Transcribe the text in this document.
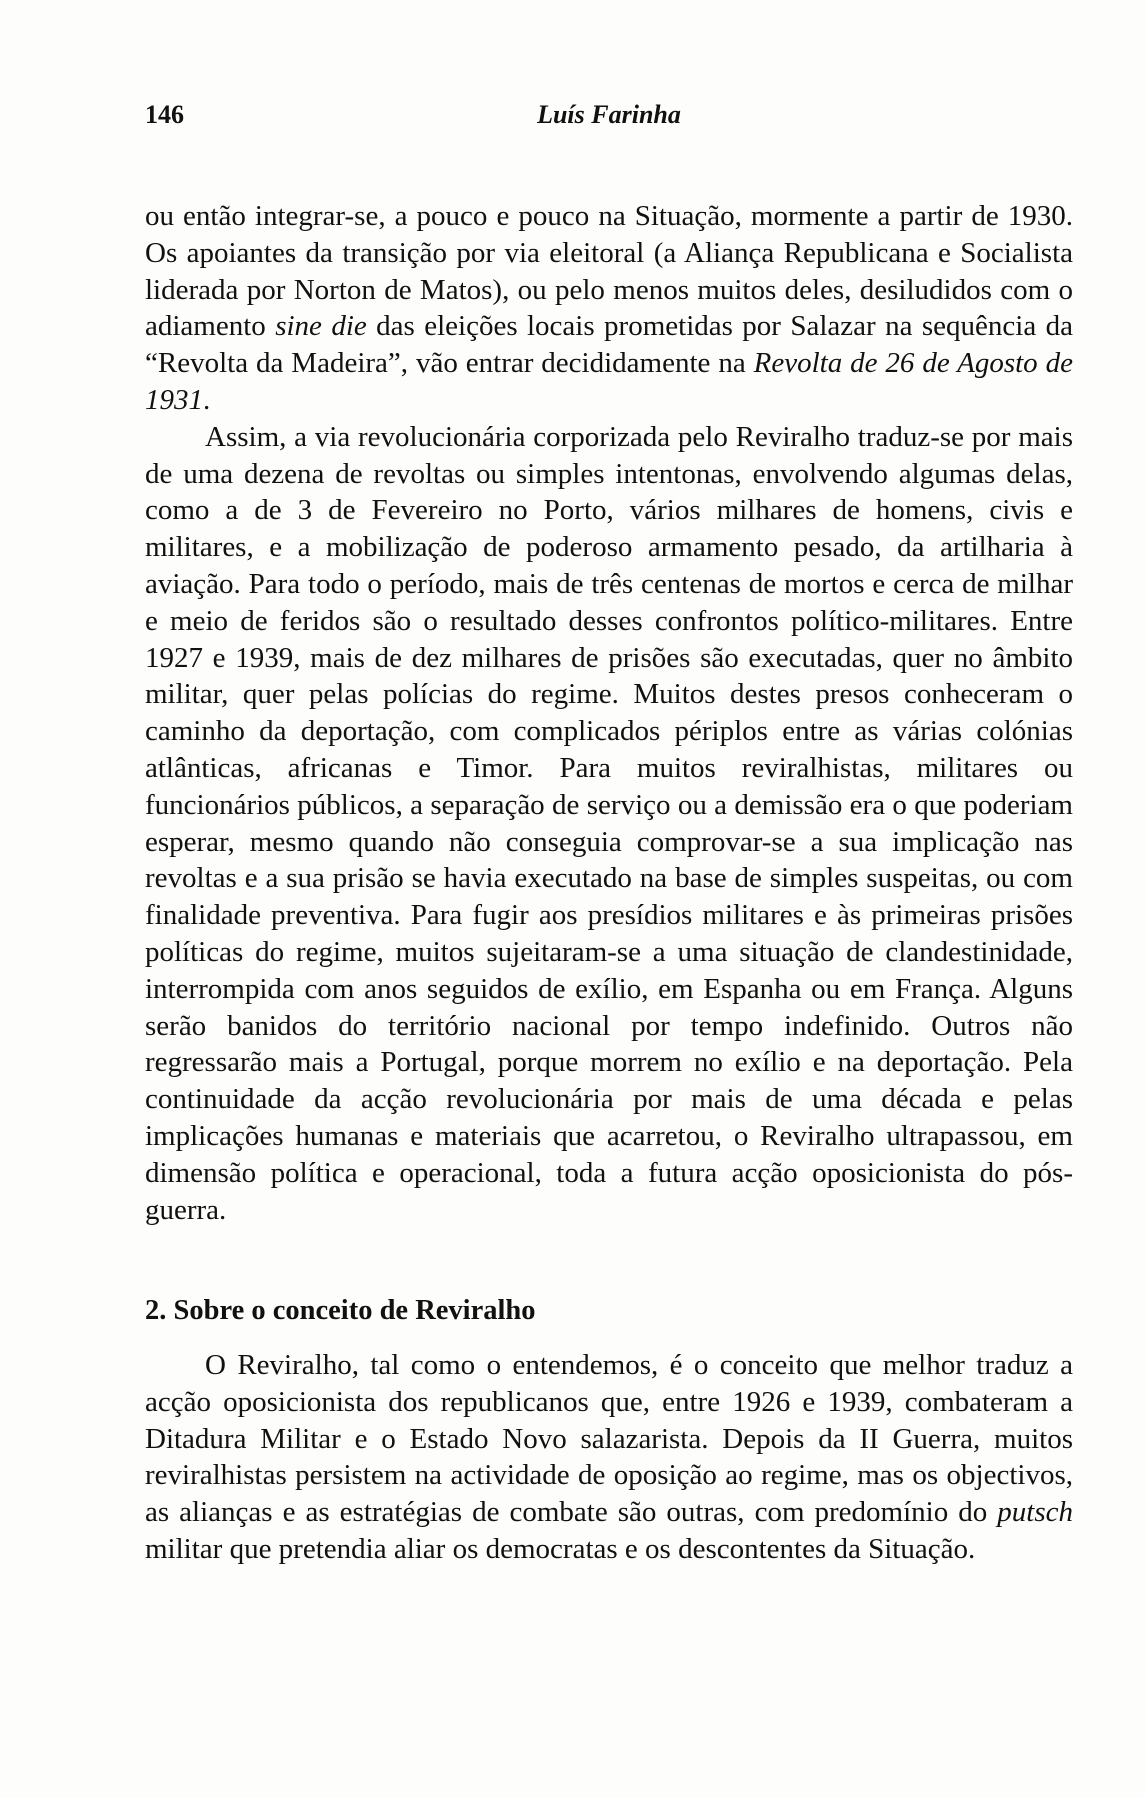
146	Luís Farinha

ou então integrar-se, a pouco e pouco na Situação, mormente a partir de 1930. Os apoiantes da transição por via eleitoral (a Aliança Republicana e Socialista liderada por Norton de Matos), ou pelo menos muitos deles, desiludidos com o adiamento sine die das eleições locais prometidas por Salazar na sequência da “Revolta da Madeira”, vão entrar decididamente na Revolta de 26 de Agosto de 1931.

Assim, a via revolucionária corporizada pelo Reviralho traduz-se por mais de uma dezena de revoltas ou simples intentonas, envolvendo algumas delas, como a de 3 de Fevereiro no Porto, vários milhares de homens, civis e militares, e a mobilização de poderoso armamento pesado, da artilharia à aviação. Para todo o período, mais de três centenas de mortos e cerca de milhar e meio de feridos são o resultado desses confrontos político-militares. Entre 1927 e 1939, mais de dez milhares de prisões são executadas, quer no âmbito militar, quer pelas polícias do regime. Muitos destes presos conheceram o caminho da deportação, com complicados périplos entre as várias colónias atlânticas, africanas e Timor. Para muitos reviralhistas, militares ou funcionários públicos, a separação de serviço ou a demissão era o que poderiam esperar, mesmo quando não conseguia comprovar-se a sua implicação nas revoltas e a sua prisão se havia executado na base de simples suspeitas, ou com finalidade preventiva. Para fugir aos presídios militares e às primeiras prisões políticas do regime, muitos sujeitaram-se a uma situação de clandestinidade, interrompida com anos seguidos de exílio, em Espanha ou em França. Alguns serão banidos do território nacional por tempo indefinido. Outros não regressarão mais a Portugal, porque morrem no exílio e na deportação. Pela continuidade da acção revolucionária por mais de uma década e pelas implicações humanas e materiais que acarretou, o Reviralho ultrapassou, em dimensão política e operacional, toda a futura acção oposicionista do pós-guerra.

2. Sobre o conceito de Reviralho

O Reviralho, tal como o entendemos, é o conceito que melhor traduz a acção oposicionista dos republicanos que, entre 1926 e 1939, combateram a Ditadura Militar e o Estado Novo salazarista. Depois da II Guerra, muitos reviralhistas persistem na actividade de oposição ao regime, mas os objectivos, as alianças e as estratégias de combate são outras, com predomínio do putsch militar que pretendia aliar os democratas e os descontentes da Situação.
